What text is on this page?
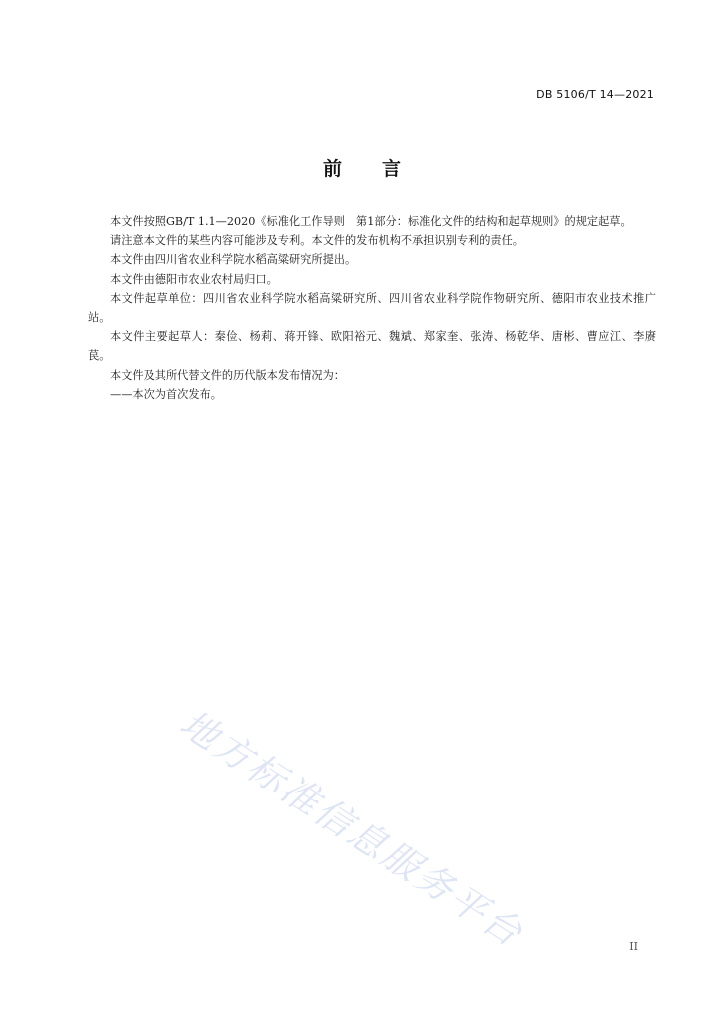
DB 5106/T 14—2021
前言

本文件按照GB/T 1.1—2020《标准化工作导则　第1部分：标准化文件的结构和起草规则》的规定起草。

请注意本文件的某些内容可能涉及专利。本文件的发布机构不承担识别专利的责任。

本文件由四川省农业科学院水稻高粱研究所提出。

本文件由德阳市农业农村局归口。

本文件起草单位：四川省农业科学院水稻高粱研究所、四川省农业科学院作物研究所、德阳市农业技术推广站。

本文件主要起草人：秦俭、杨莉、蒋开锋、欧阳裕元、魏斌、郑家奎、张涛、杨乾华、唐彬、曹应江、李赓苠。

本文件及其所代替文件的历代版本发布情况为：

——本次为首次发布。

地方标准信息服务平台	II
